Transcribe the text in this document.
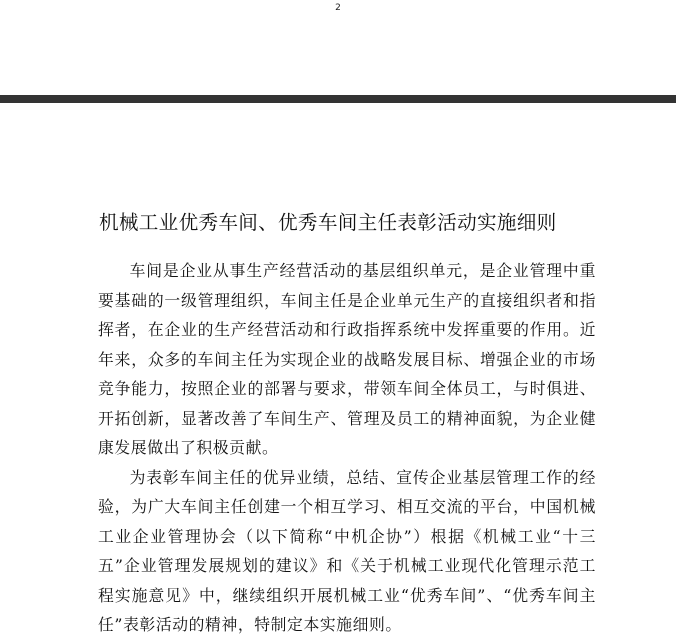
2
机械工业优秀车间、优秀车间主任表彰活动实施细则

车间是企业从事生产经营活动的基层组织单元，是企业管理中重要基础的一级管理组织，车间主任是企业单元生产的直接组织者和指挥者，在企业的生产经营活动和行政指挥系统中发挥重要的作用。近年来，众多的车间主任为实现企业的战略发展目标、增强企业的市场竞争能力，按照企业的部署与要求，带领车间全体员工，与时俱进、开拓创新，显著改善了车间生产、管理及员工的精神面貌，为企业健康发展做出了积极贡献。

为表彰车间主任的优异业绩，总结、宣传企业基层管理工作的经验，为广大车间主任创建一个相互学习、相互交流的平台，中国机械工业企业管理协会（以下简称“中机企协”）根据《机械工业“十三五”企业管理发展规划的建议》和《关于机械工业现代化管理示范工程实施意见》中，继续组织开展机械工业“优秀车间”、“优秀车间主任”表彰活动的精神，特制定本实施细则。
